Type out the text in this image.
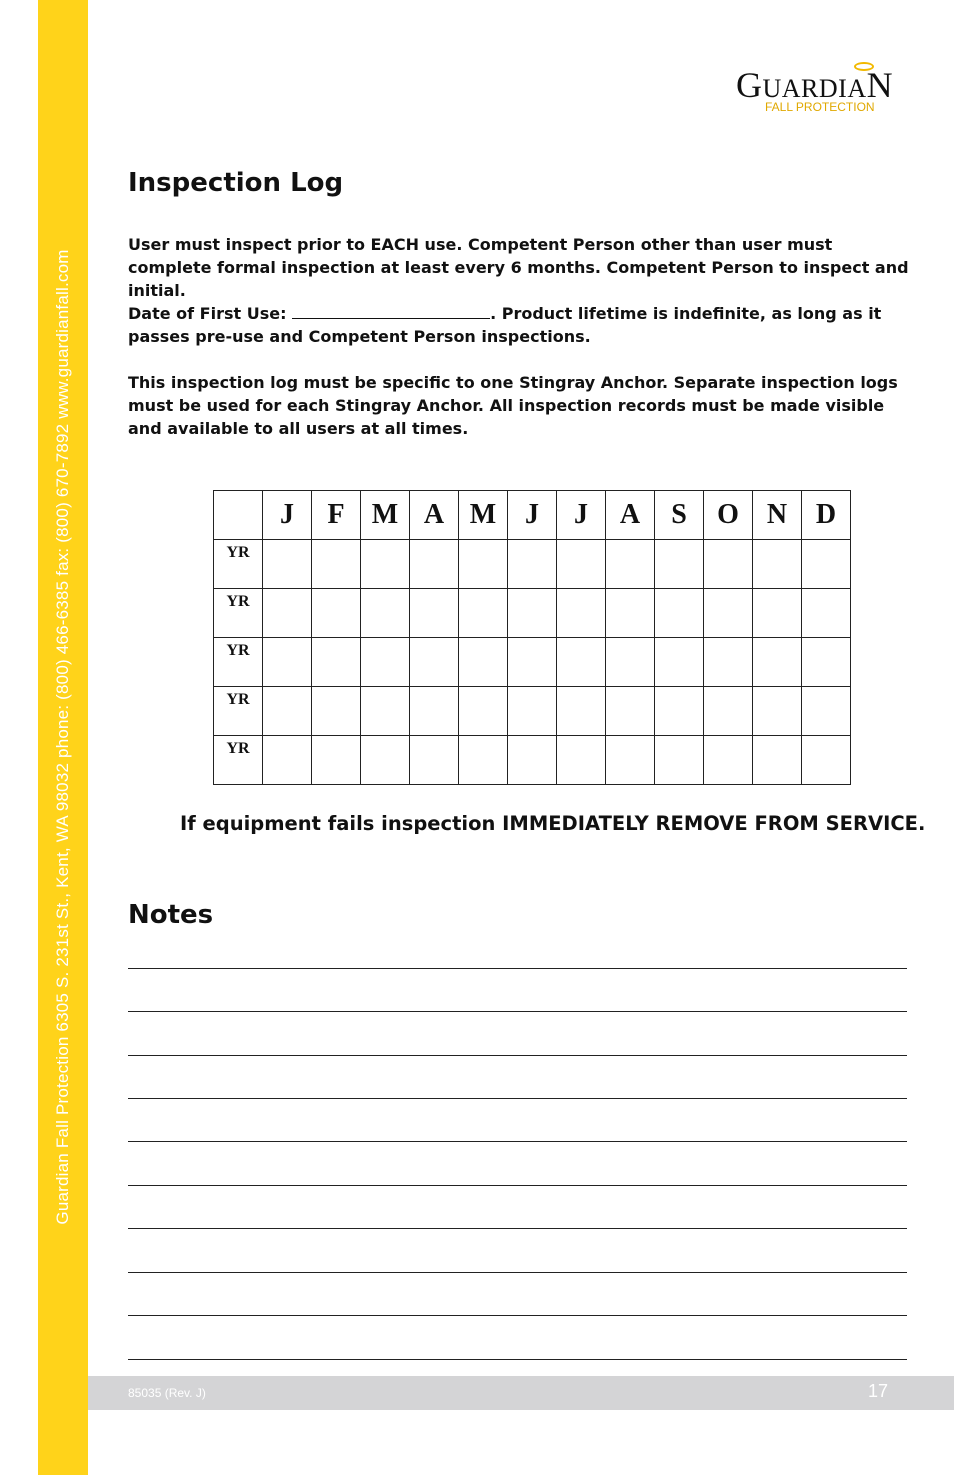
Guardian Fall Protection 6305 S. 231st St., Kent, WA 98032 phone: (800) 466-6385 fax: (800) 670-7892 www.guardianfall.com
GUARDIAN
FALL PROTECTION
Inspection Log

User must inspect prior to EACH use. Competent Person other than user must complete formal inspection at least every 6 months. Competent Person to inspect and initial.

Date of First Use:	. Product lifetime is indefinite, as long as it passes pre-use and Competent Person inspections.

This inspection log must be specific to one Stingray Anchor. Separate inspection logs must be used for each Stingray Anchor. All inspection records must be made visible and available to all users at all times.

	J	F	M	A	M	J	J	A	S	O	N	D
YR												
YR												
YR												
YR												
YR												

If equipment fails inspection IMMEDIATELY REMOVE FROM SERVICE.

Notes
85035 (Rev. J)	17
